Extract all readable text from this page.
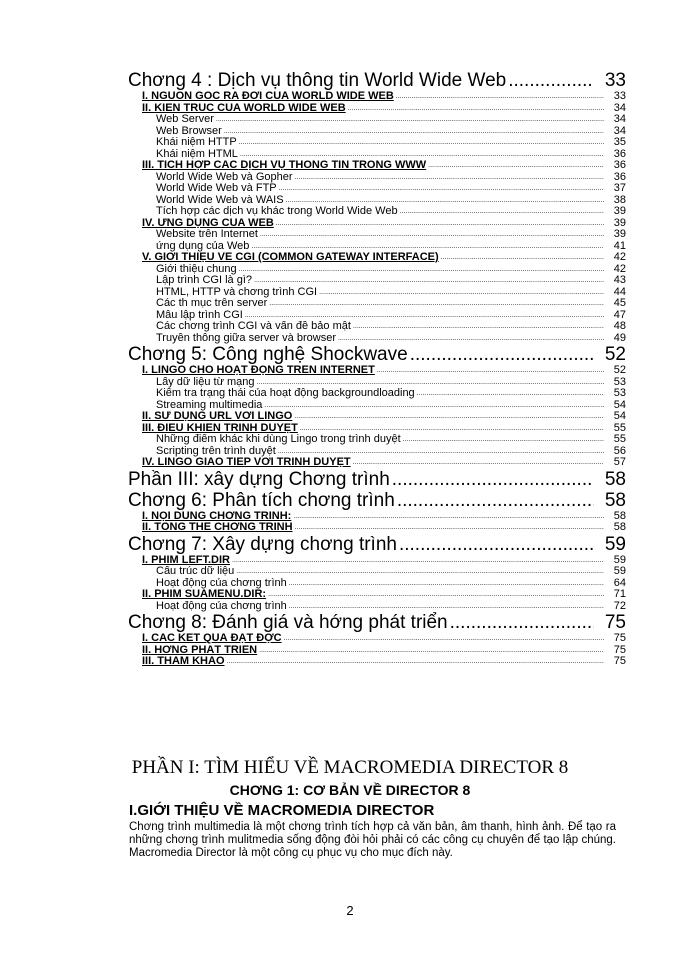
Chơng 4 : Dịch vụ thông tin World Wide Web .....	33
I. NGUỒN GỐC RA ĐỜI CỦA WORLD WIDE WEB .....	33
II. KIẾN TRÚC CỦA WORLD WIDE WEB .....	34
Web Server .....	34
Web Browser .....	34
Khái niệm HTTP .....	35
Khái niệm HTML .....	36
III. TÍCH HỢP CÁC DỊCH VỤ THÔNG TIN TRONG WWW .....	36
World Wide Web và Gopher .....	36
World Wide Web và FTP .....	37
World Wide Web và WAIS .....	38
Tích hợp các dịch vụ khác trong World Wide Web .....	39
IV. ỨNG DỤNG CỦA WEB .....	39
Website trên Internet .....	39
ứng dụng của Web .....	41
V. GIỚI THIỆU VỀ CGI (COMMON GATEWAY INTERFACE) .....	42
Giới thiệu chung .....	42
Lập trình CGI là gì? .....	43
HTML, HTTP và chơng trình CGI .....	44
Các th mục trên server .....	45
Mẫu lập trình CGI .....	47
Các chơng trình CGI và vấn đề bảo mật .....	48
Truyền thông giữa server và browser .....	49
Chơng 5: Công nghệ Shockwave .....	52
I. LINGO CHO HOẠT ĐỘNG TRÊN INTERNET .....	52
Lấy dữ liệu từ mạng .....	53
Kiểm tra trạng thái của hoạt động backgroundloading .....	53
Streaming multimedia .....	54
II. SỬ DỤNG URL VỚI LINGO .....	54
III. ĐIỀU KHIỂN TRÌNH DUYỆT .....	55
Những điểm khác khi dùng Lingo trong trình duyệt .....	55
Scripting trên trình duyệt .....	56
IV. LINGO GIAO TIẾP VỚI TRÌNH DUYỆT .....	57
Phần III: xây dựng Chơng trình .....	58
Chơng 6: Phân tích chơng trình .....	58
I. NỘI DUNG CHƠNG TRÌNH: .....	58
II. TỔNG THỂ CHƠNG TRÌNH .....	58
Chơng 7: Xây dựng chơng trình .....	59
I. PHIM LEFT.DIR .....	59
Cấu trúc dữ liệu .....	59
Hoạt động của chơng trình .....	64
II. PHIM SUAMENU.DIR: .....	71
Hoạt động của chơng trình .....	72
Chơng 8: Đánh giá và hớng phát triển .....	75
I. CÁC KẾT QUẢ ĐẠT ĐỢC .....	75
II. HỚNG PHÁT TRIỂN .....	75
III. THAM KHẢO .....	75
PHẦN I: TÌM HIỂU VỀ MACROMEDIA DIRECTOR 8
CHƠNG 1: CƠ BẢN VỀ DIRECTOR 8
I.GIỚI THIỆU VỀ MACROMEDIA DIRECTOR
Chơng trình multimedia là một chơng trình tích hợp cả văn bản, âm thanh, hình ảnh. Để tạo ra những chơng trình mulitmedia sống động đòi hỏi phải có các công cụ chuyên để tạo lập chúng. Macromedia Director là một công cụ phục vụ cho mục đích này.
2
